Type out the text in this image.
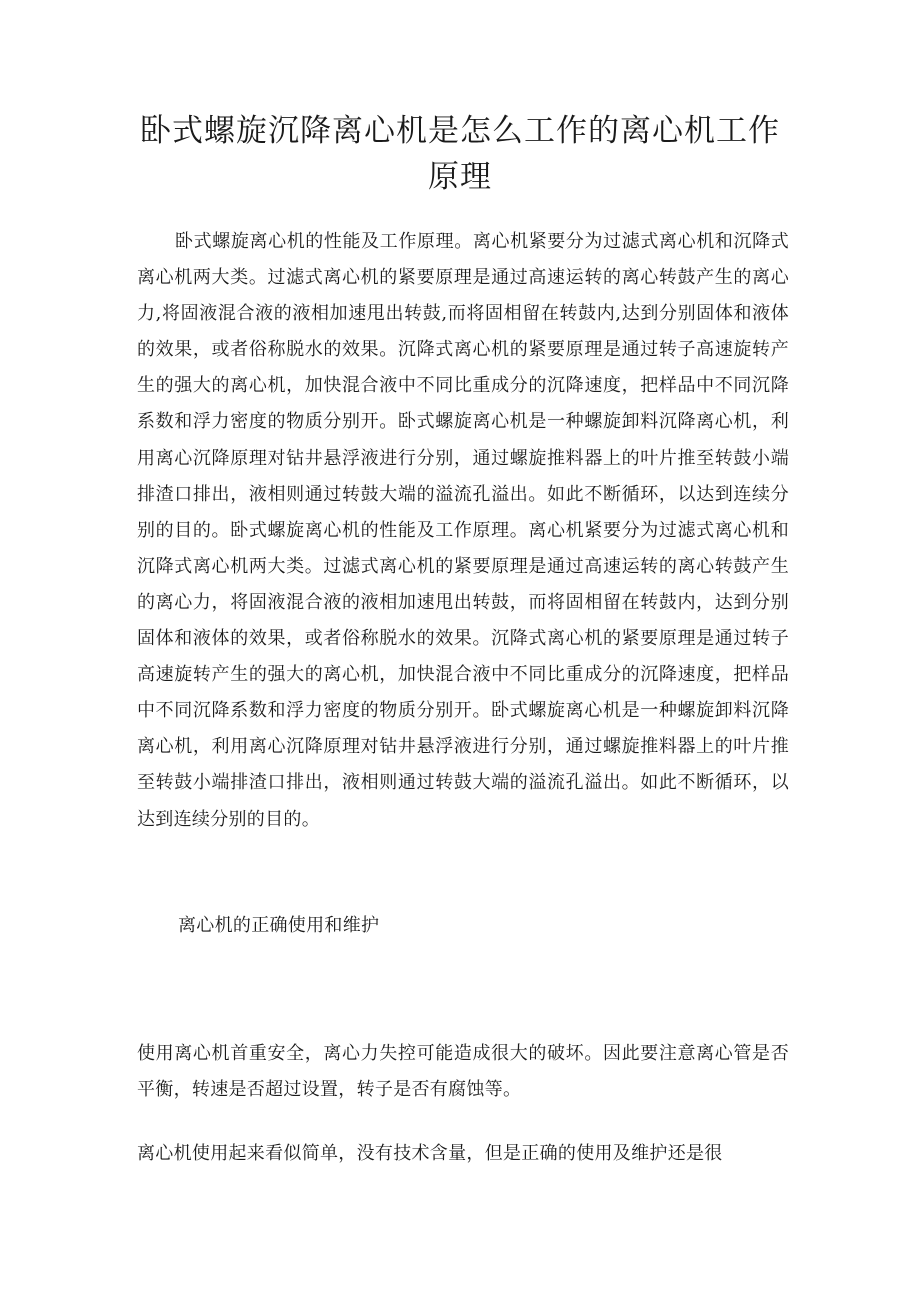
卧式螺旋沉降离心机是怎么工作的离心机工作原理

卧式螺旋离心机的性能及工作原理。离心机紧要分为过滤式离心机和沉降式离心机两大类。过滤式离心机的紧要原理是通过高速运转的离心转鼓产生的离心力,将固液混合液的液相加速甩出转鼓,而将固相留在转鼓内,达到分别固体和液体的效果，或者俗称脱水的效果。沉降式离心机的紧要原理是通过转子高速旋转产生的强大的离心机，加快混合液中不同比重成分的沉降速度，把样品中不同沉降系数和浮力密度的物质分别开。卧式螺旋离心机是一种螺旋卸料沉降离心机，利用离心沉降原理对钻井悬浮液进行分别，通过螺旋推料器上的叶片推至转鼓小端排渣口排出，液相则通过转鼓大端的溢流孔溢出。如此不断循环，以达到连续分别的目的。卧式螺旋离心机的性能及工作原理。离心机紧要分为过滤式离心机和沉降式离心机两大类。过滤式离心机的紧要原理是通过高速运转的离心转鼓产生的离心力，将固液混合液的液相加速甩出转鼓，而将固相留在转鼓内，达到分别固体和液体的效果，或者俗称脱水的效果。沉降式离心机的紧要原理是通过转子高速旋转产生的强大的离心机，加快混合液中不同比重成分的沉降速度，把样品中不同沉降系数和浮力密度的物质分别开。卧式螺旋离心机是一种螺旋卸料沉降离心机，利用离心沉降原理对钻井悬浮液进行分别，通过螺旋推料器上的叶片推至转鼓小端排渣口排出，液相则通过转鼓大端的溢流孔溢出。如此不断循环，以达到连续分别的目的。

离心机的正确使用和维护

使用离心机首重安全，离心力失控可能造成很大的破坏。因此要注意离心管是否平衡，转速是否超过设置，转子是否有腐蚀等。

离心机使用起来看似简单，没有技术含量，但是正确的使用及维护还是很
